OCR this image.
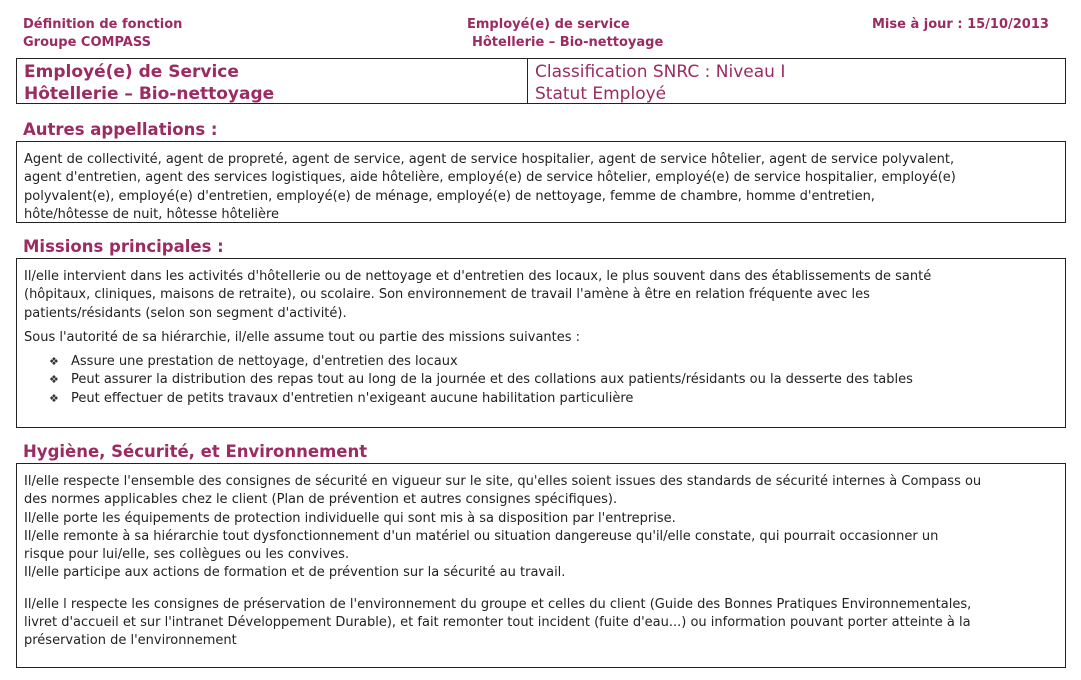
Définition de fonction
Groupe COMPASS
Employé(e) de service
Hôtellerie – Bio-nettoyage
Mise à jour : 15/10/2013
Employé(e) de Service
Hôtellerie – Bio-nettoyage
Classification SNRC : Niveau I
Statut Employé
Autres appellations :

Agent de collectivité, agent de propreté, agent de service, agent de service hospitalier, agent de service hôtelier, agent de service polyvalent,

agent d'entretien, agent des services logistiques, aide hôtelière, employé(e) de service hôtelier, employé(e) de service hospitalier, employé(e)

polyvalent(e), employé(e) d'entretien, employé(e) de ménage, employé(e) de nettoyage, femme de chambre, homme d'entretien,

hôte/hôtesse de nuit, hôtesse hôtelière

Missions principales :

Il/elle intervient dans les activités d'hôtellerie ou de nettoyage et d'entretien des locaux, le plus souvent dans des établissements de santé

(hôpitaux, cliniques, maisons de retraite), ou scolaire. Son environnement de travail l'amène à être en relation fréquente avec les

patients/résidants (selon son segment d'activité).

Sous l'autorité de sa hiérarchie, il/elle assume tout ou partie des missions suivantes :

❖ Assure une prestation de nettoyage, d'entretien des locaux
❖ Peut assurer la distribution des repas tout au long de la journée et des collations aux patients/résidants ou la desserte des tables
❖ Peut effectuer de petits travaux d'entretien n'exigeant aucune habilitation particulière
Hygiène, Sécurité, et Environnement

Il/elle respecte l'ensemble des consignes de sécurité en vigueur sur le site, qu'elles soient issues des standards de sécurité internes à Compass ou

des normes applicables chez le client (Plan de prévention et autres consignes spécifiques).

Il/elle porte les équipements de protection individuelle qui sont mis à sa disposition par l'entreprise.

Il/elle remonte à sa hiérarchie tout dysfonctionnement d'un matériel ou situation dangereuse qu'il/elle constate, qui pourrait occasionner un

risque pour lui/elle, ses collègues ou les convives.

Il/elle participe aux actions de formation et de prévention sur la sécurité au travail.

Il/elle l respecte les consignes de préservation de l'environnement du groupe et celles du client (Guide des Bonnes Pratiques Environnementales,

livret d'accueil et sur l'intranet Développement Durable), et fait remonter tout incident (fuite d'eau...) ou information pouvant porter atteinte à la

préservation de l'environnement
